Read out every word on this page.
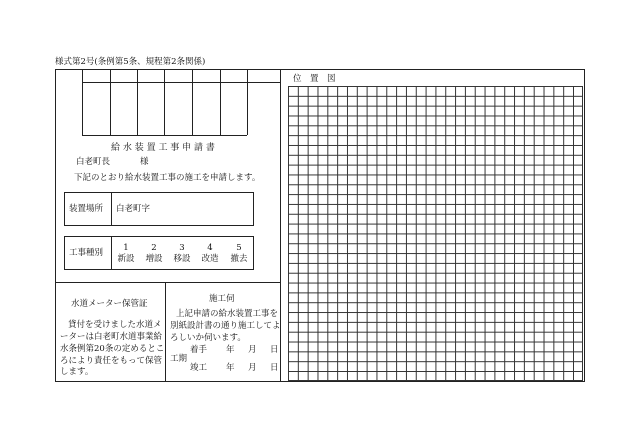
様式第2号(条例第5条、規程第2条関係)
給 水 装 置 工 事 申 請 書
白老町長	様
下記のとおり給水装置工事の施工を申請します。
装置場所 白老町字
工事種別	1
新設
2
増設
3
移設
4
改造
5
撤去
水道メーター保管証
貸付を受けました水道メ
ーターは白老町水道事業給
水条例第20条の定めるとこ
ろにより責任をもって保管
します。
施工伺
上記申請の給水装置工事を
別紙設計書の通り施工してよ
ろしいか伺います。
着手 年 月 日
工期
竣工 年 月 日
位　置　図
